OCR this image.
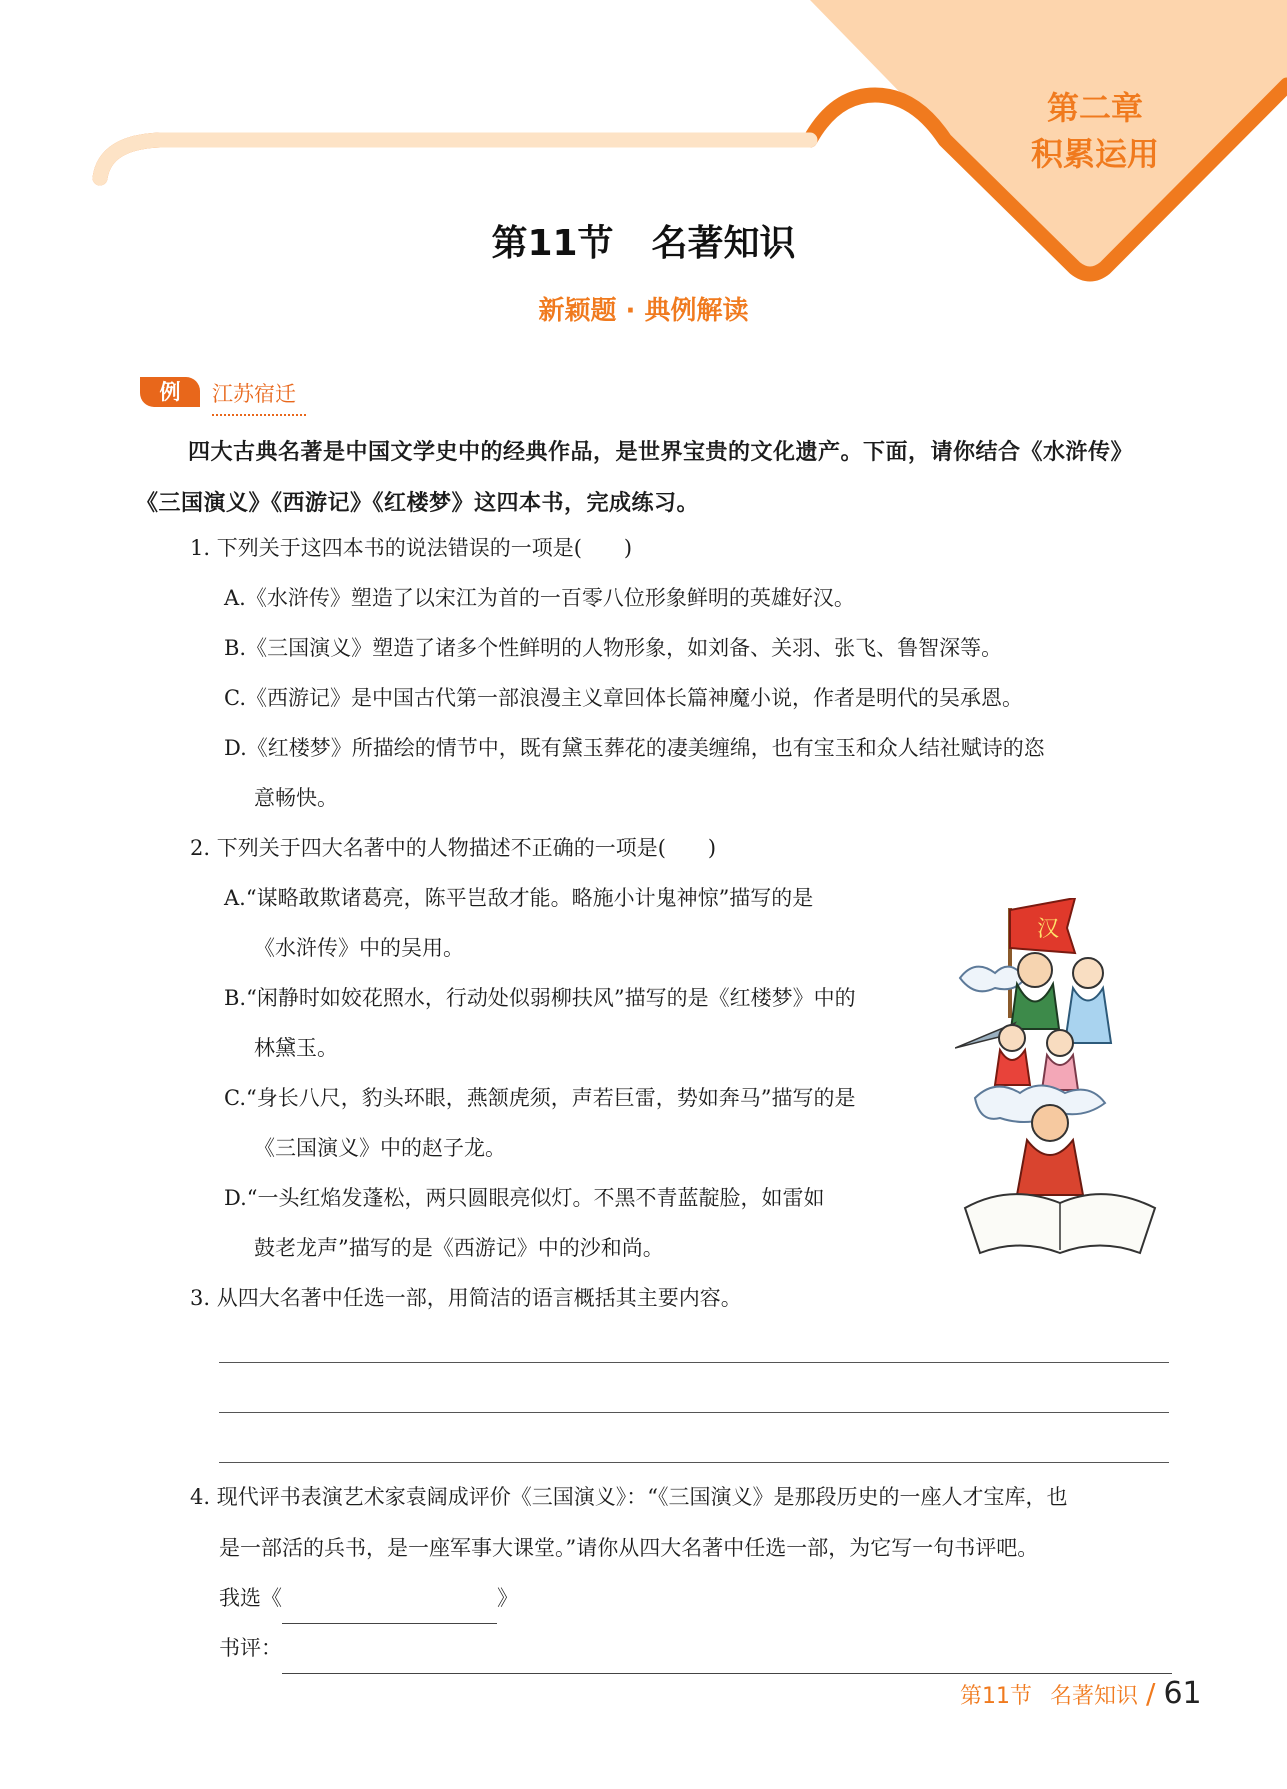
第二章
积累运用
第11节 名著知识
新颖题 · 典例解读
例	江苏宿迁
四大古典名著是中国文学史中的经典作品，是世界宝贵的文化遗产。下面，请你结合《水浒传》《三国演义》《西游记》《红楼梦》这四本书，完成练习。
1. 下列关于这四本书的说法错误的一项是(　　)
A.《水浒传》塑造了以宋江为首的一百零八位形象鲜明的英雄好汉。
B.《三国演义》塑造了诸多个性鲜明的人物形象，如刘备、关羽、张飞、鲁智深等。
C.《西游记》是中国古代第一部浪漫主义章回体长篇神魔小说，作者是明代的吴承恩。
D.《红楼梦》所描绘的情节中，既有黛玉葬花的凄美缠绵，也有宝玉和众人结社赋诗的恣
意畅快。
2. 下列关于四大名著中的人物描述不正确的一项是(　　)
A.“谋略敢欺诸葛亮，陈平岂敌才能。略施小计鬼神惊”描写的是
《水浒传》中的吴用。
B.“闲静时如姣花照水，行动处似弱柳扶风”描写的是《红楼梦》中的
林黛玉。
C.“身长八尺，豹头环眼，燕颔虎须，声若巨雷，势如奔马”描写的是
《三国演义》中的赵子龙。
D.“一头红焰发蓬松，两只圆眼亮似灯。不黑不青蓝靛脸，如雷如
鼓老龙声”描写的是《西游记》中的沙和尚。
汉
3. 从四大名著中任选一部，用简洁的语言概括其主要内容。
4. 现代评书表演艺术家袁阔成评价《三国演义》：“《三国演义》是那段历史的一座人才宝库，也
是一部活的兵书，是一座军事大课堂。”请你从四大名著中任选一部，为它写一句书评吧。
我选《	》
书评：
第11节 名著知识 / 61
